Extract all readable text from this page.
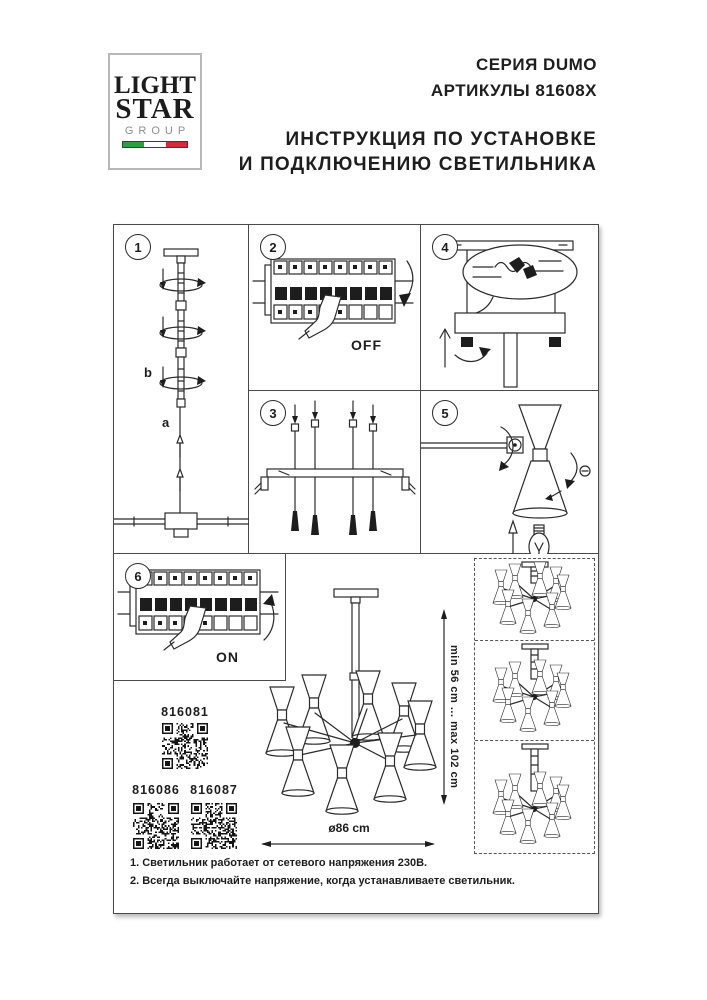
LIGHT
STAR
GROUP
СЕРИЯ DUMO
АРТИКУЛЫ 81608X
ИНСТРУКЦИЯ ПО УСТАНОВКЕ
И ПОДКЛЮЧЕНИЮ СВЕТИЛЬНИКА
1
b
a
2
OFF
4
3	5
6
ON	min 56 cm ... max 102 cm
ø86 cm
816081
816086 816087
1. Светильник работает от сетевого напряжения 230В.
2. Всегда выключайте напряжение, когда устанавливаете светильник.
